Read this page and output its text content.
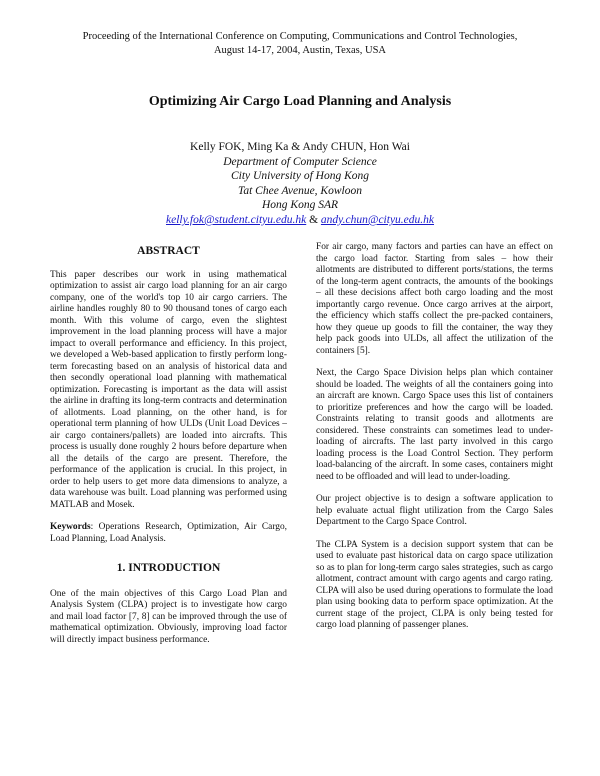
Proceeding of the International Conference on Computing, Communications and Control Technologies,
August 14-17, 2004, Austin, Texas, USA
Optimizing Air Cargo Load Planning and Analysis
Kelly FOK, Ming Ka & Andy CHUN, Hon Wai
Department of Computer Science
City University of Hong Kong
Tat Chee Avenue, Kowloon
Hong Kong SAR
kelly.fok@student.cityu.edu.hk & andy.chun@cityu.edu.hk
ABSTRACT

This paper describes our work in using mathematical optimization to assist air cargo load planning for an air cargo company, one of the world's top 10 air cargo carriers. The airline handles roughly 80 to 90 thousand tones of cargo each month. With this volume of cargo, even the slightest improvement in the load planning process will have a major impact to overall performance and efficiency. In this project, we developed a Web-based application to firstly perform long-term forecasting based on an analysis of historical data and then secondly operational load planning with mathematical optimization. Forecasting is important as the data will assist the airline in drafting its long-term contracts and determination of allotments. Load planning, on the other hand, is for operational term planning of how ULDs (Unit Load Devices – air cargo containers/pallets) are loaded into aircrafts. This process is usually done roughly 2 hours before departure when all the details of the cargo are present. Therefore, the performance of the application is crucial. In this project, in order to help users to get more data dimensions to analyze, a data warehouse was built. Load planning was performed using MATLAB and Mosek.

Keywords: Operations Research, Optimization, Air Cargo, Load Planning, Load Analysis.

1. INTRODUCTION

One of the main objectives of this Cargo Load Plan and Analysis System (CLPA) project is to investigate how cargo and mail load factor [7, 8] can be improved through the use of mathematical optimization. Obviously, improving load factor will directly impact business performance.

For air cargo, many factors and parties can have an effect on the cargo load factor. Starting from sales – how their allotments are distributed to different ports/stations, the terms of the long-term agent contracts, the amounts of the bookings – all these decisions affect both cargo loading and the most importantly cargo revenue. Once cargo arrives at the airport, the efficiency which staffs collect the pre-packed containers, how they queue up goods to fill the container, the way they help pack goods into ULDs, all affect the utilization of the containers [5].

Next, the Cargo Space Division helps plan which container should be loaded. The weights of all the containers going into an aircraft are known. Cargo Space uses this list of containers to prioritize preferences and how the cargo will be loaded. Constraints relating to transit goods and allotments are considered. These constraints can sometimes lead to under-loading of aircrafts. The last party involved in this cargo loading process is the Load Control Section. They perform load-balancing of the aircraft. In some cases, containers might need to be offloaded and will lead to under-loading.

Our project objective is to design a software application to help evaluate actual flight utilization from the Cargo Sales Department to the Cargo Space Control.

The CLPA System is a decision support system that can be used to evaluate past historical data on cargo space utilization so as to plan for long-term cargo sales strategies, such as cargo allotment, contract amount with cargo agents and cargo rating. CLPA will also be used during operations to formulate the load plan using booking data to perform space optimization. At the current stage of the project, CLPA is only being tested for cargo load planning of passenger planes.
